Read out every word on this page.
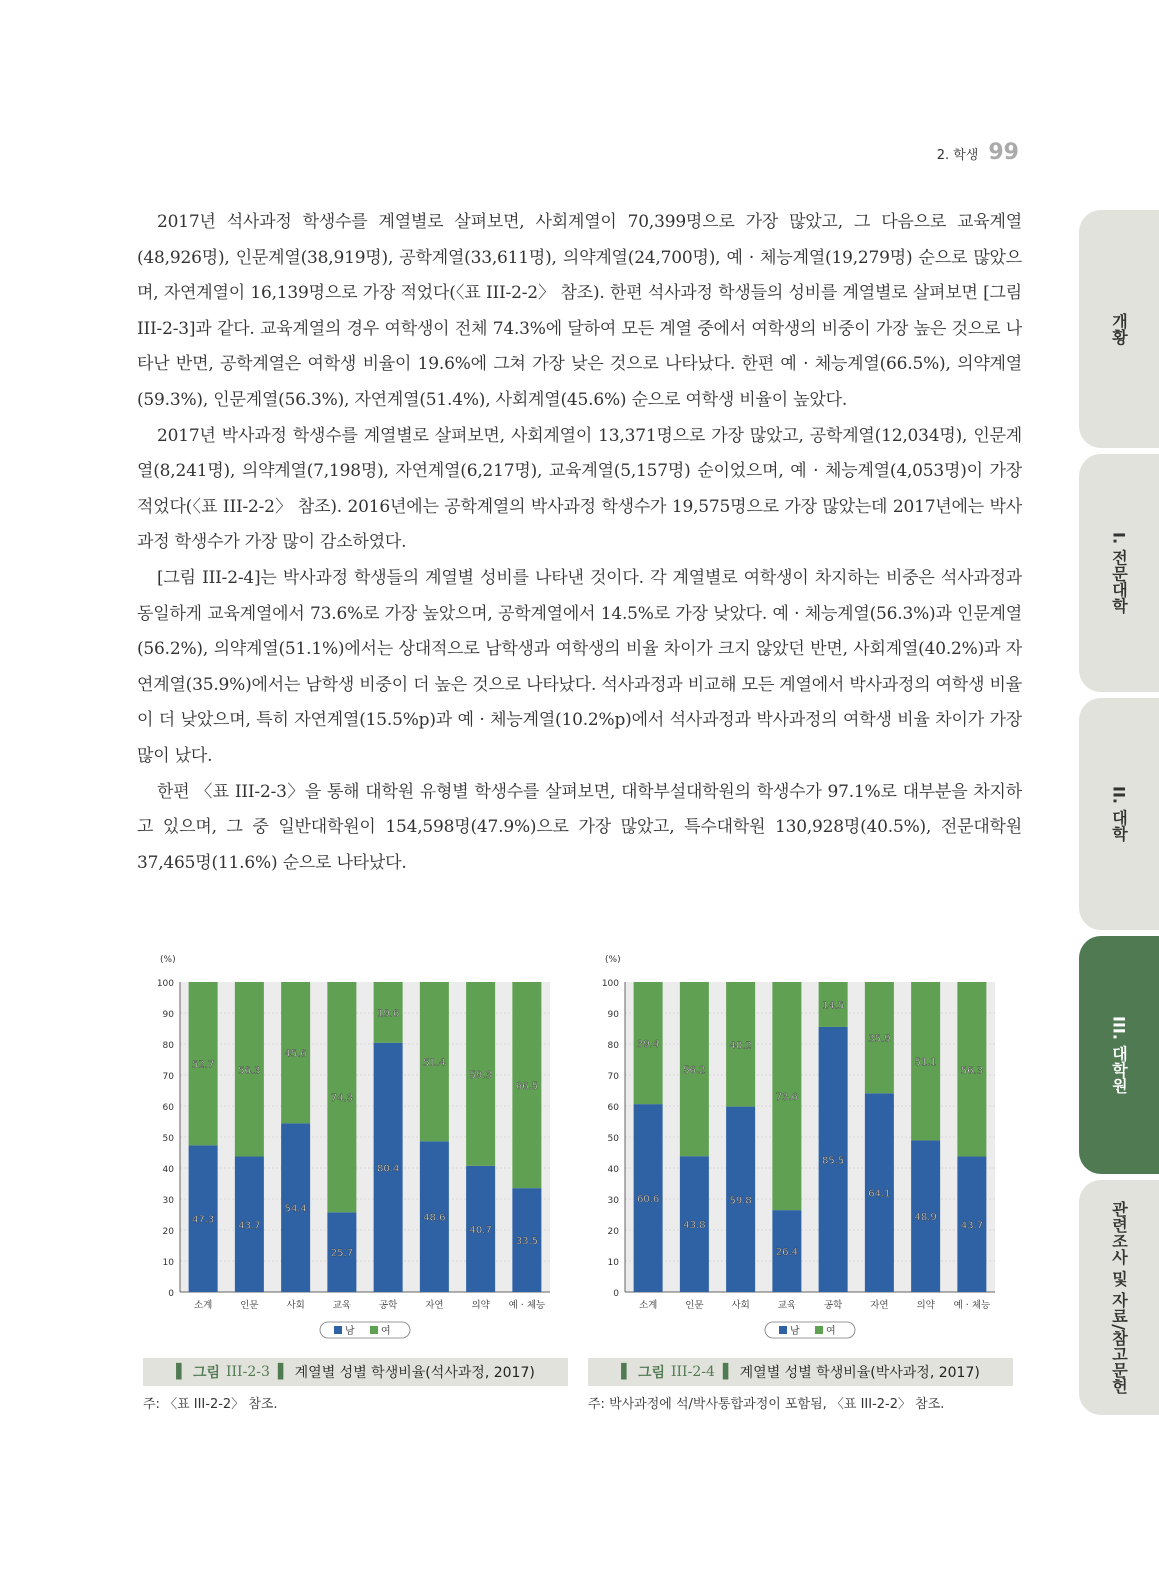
2. 학생 99

2017년 석사과정 학생수를 계열별로 살펴보면, 사회계열이 70,399명으로 가장 많았고, 그 다음으로 교육계열(48,926명), 인문계열(38,919명), 공학계열(33,611명), 의약계열(24,700명), 예 · 체능계열(19,279명) 순으로 많았으며, 자연계열이 16,139명으로 가장 적었다(〈표 III-2-2〉 참조). 한편 석사과정 학생들의 성비를 계열별로 살펴보면 [그림 III-2-3]과 같다. 교육계열의 경우 여학생이 전체 74.3%에 달하여 모든 계열 중에서 여학생의 비중이 가장 높은 것으로 나타난 반면, 공학계열은 여학생 비율이 19.6%에 그쳐 가장 낮은 것으로 나타났다. 한편 예 · 체능계열(66.5%), 의약계열(59.3%), 인문계열(56.3%), 자연계열(51.4%), 사회계열(45.6%) 순으로 여학생 비율이 높았다.

2017년 박사과정 학생수를 계열별로 살펴보면, 사회계열이 13,371명으로 가장 많았고, 공학계열(12,034명), 인문계열(8,241명), 의약계열(7,198명), 자연계열(6,217명), 교육계열(5,157명) 순이었으며, 예 · 체능계열(4,053명)이 가장 적었다(〈표 III-2-2〉 참조). 2016년에는 공학계열의 박사과정 학생수가 19,575명으로 가장 많았는데 2017년에는 박사과정 학생수가 가장 많이 감소하였다.

[그림 III-2-4]는 박사과정 학생들의 계열별 성비를 나타낸 것이다. 각 계열별로 여학생이 차지하는 비중은 석사과정과 동일하게 교육계열에서 73.6%로 가장 높았으며, 공학계열에서 14.5%로 가장 낮았다. 예 · 체능계열(56.3%)과 인문계열(56.2%), 의약계열(51.1%)에서는 상대적으로 남학생과 여학생의 비율 차이가 크지 않았던 반면, 사회계열(40.2%)과 자연계열(35.9%)에서는 남학생 비중이 더 높은 것으로 나타났다. 석사과정과 비교해 모든 계열에서 박사과정의 여학생 비율이 더 낮았으며, 특히 자연계열(15.5%p)과 예 · 체능계열(10.2%p)에서 석사과정과 박사과정의 여학생 비율 차이가 가장 많이 났다.

한편 〈표 III-2-3〉을 통해 대학원 유형별 학생수를 살펴보면, 대학부설대학원의 학생수가 97.1%로 대부분을 차지하고 있으며, 그 중 일반대학원이 154,598명(47.9%)으로 가장 많았고, 특수대학원 130,928명(40.5%), 전문대학원 37,465명(11.6%) 순으로 나타났다.

개황
I. 전문대학
II. 대학
III. 대학원
관련조사 및 자료/참고문헌
0
10
20
30
40
50
60
70
80
90
100
(%)
47.3
52.7
소계
43.7
56.3
인문
54.4
45.6
사회
25.7
74.3
교육
80.4
19.6
공학
48.6
51.4
자연
40.7
59.3
의약
33.5
66.5
예 · 체능
남	여
0
10
20
30
40
50
60
70
80
90
100
(%)
60.6
39.4
소계
43.8
56.2
인문
59.8
40.2
사회
26.4
73.6
교육
85.5
14.5
공학
64.1
35.9
자연
48.9
51.1
의약
43.7
56.3
예 · 체능
남	여
▌ 그림 III-2-3 ▌ 계열별 성별 학생비율(석사과정, 2017)	▌ 그림 III-2-4 ▌ 계열별 성별 학생비율(박사과정, 2017)
주: 〈표 III-2-2〉 참조.	주: 박사과정에 석/박사통합과정이 포함됨, 〈표 III-2-2〉 참조.
